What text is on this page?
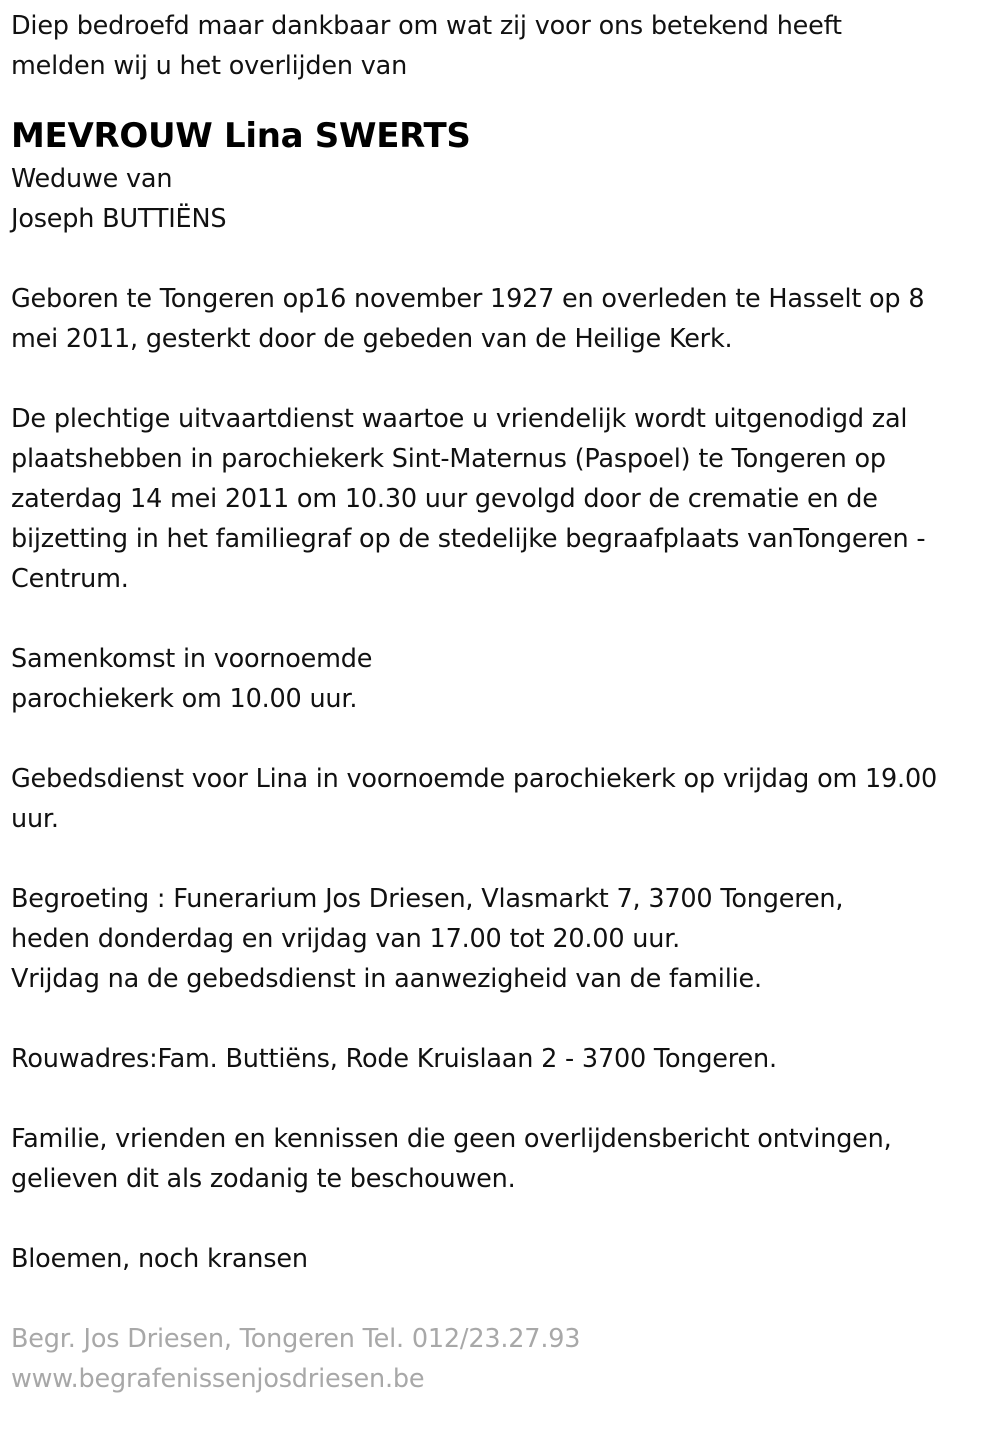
Diep bedroefd maar dankbaar om wat zij voor ons betekend heeft
melden wij u het overlijden van
MEVROUW Lina SWERTS
Weduwe van
Joseph BUTTIËNS
Geboren te Tongeren op16 november 1927 en overleden te Hasselt op 8
mei 2011, gesterkt door de gebeden van de Heilige Kerk.
De plechtige uitvaartdienst waartoe u vriendelijk wordt uitgenodigd zal
plaatshebben in parochiekerk Sint-Maternus (Paspoel) te Tongeren op
zaterdag 14 mei 2011 om 10.30 uur gevolgd door de crematie en de
bijzetting in het familiegraf op de stedelijke begraafplaats vanTongeren -
Centrum.
Samenkomst in voornoemde
parochiekerk om 10.00 uur.
Gebedsdienst voor Lina in voornoemde parochiekerk op vrijdag om 19.00
uur.
Begroeting : Funerarium Jos Driesen, Vlasmarkt 7, 3700 Tongeren,
heden donderdag en vrijdag van 17.00 tot 20.00 uur.
Vrijdag na de gebedsdienst in aanwezigheid van de familie.
Rouwadres:Fam. Buttiëns, Rode Kruislaan 2 - 3700 Tongeren.
Familie, vrienden en kennissen die geen overlijdensbericht ontvingen,
gelieven dit als zodanig te beschouwen.
Bloemen, noch kransen
Begr. Jos Driesen, Tongeren Tel. 012/23.27.93
www.begrafenissenjosdriesen.be
